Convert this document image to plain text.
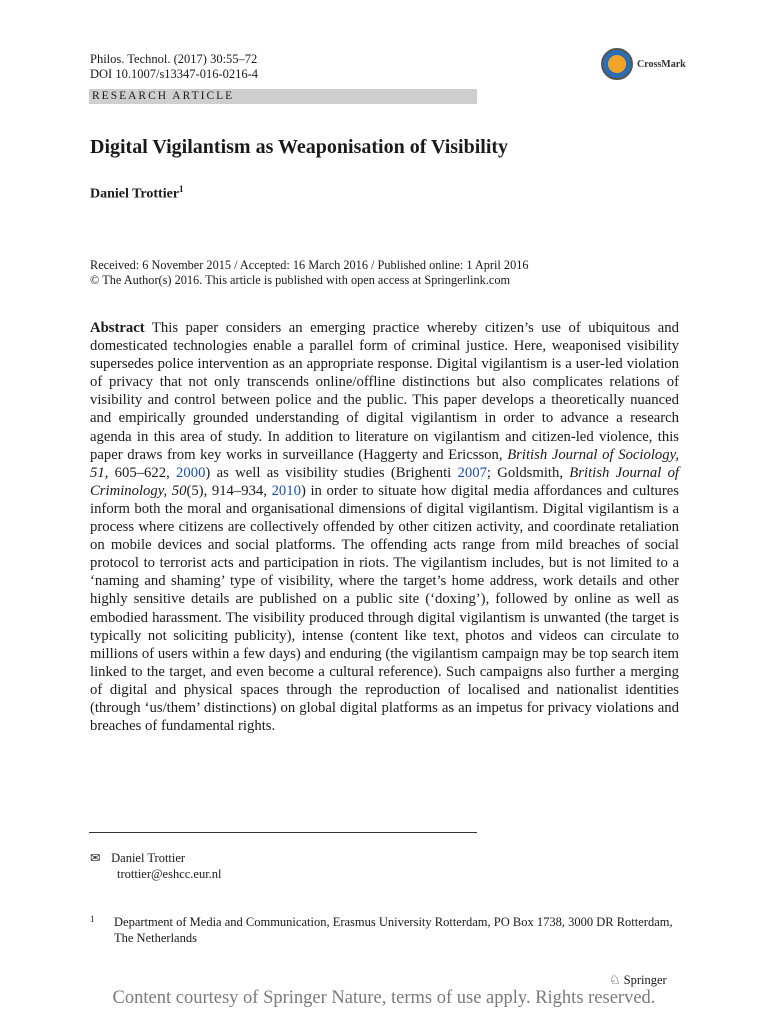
Philos. Technol. (2017) 30:55–72
DOI 10.1007/s13347-016-0216-4
CrossMark
RESEARCH ARTICLE
Digital Vigilantism as Weaponisation of Visibility
Daniel Trottier$^1$
Received: 6 November 2015 / Accepted: 16 March 2016 / Published online: 1 April 2016
© The Author(s) 2016. This article is published with open access at Springerlink.com

Abstract This paper considers an emerging practice whereby citizen’s use of ubiquitous and domesticated technologies enable a parallel form of criminal justice. Here, weaponised visibility supersedes police intervention as an appropriate response. Digital vigilantism is a user-led violation of privacy that not only transcends online/offline distinctions but also complicates relations of visibility and control between police and the public. This paper develops a theoretically nuanced and empirically grounded understanding of digital vigilantism in order to advance a research agenda in this area of study. In addition to literature on vigilantism and citizen-led violence, this paper draws from key works in surveillance (Haggerty and Ericsson, British Journal of Sociology, 51, 605–622, 2000) as well as visibility studies (Brighenti 2007; Goldsmith, British Journal of Criminology, 50(5), 914–934, 2010) in order to situate how digital media affordances and cultures inform both the moral and organisational dimensions of digital vigilantism. Digital vigilantism is a process where citizens are collectively offended by other citizen activity, and coordinate retaliation on mobile devices and social platforms. The offending acts range from mild breaches of social protocol to terrorist acts and participation in riots. The vigilantism includes, but is not limited to a ‘naming and shaming’ type of visibility, where the target’s home address, work details and other highly sensitive details are published on a public site (‘doxing’), followed by online as well as embodied harassment. The visibility produced through digital vigilantism is unwanted (the target is typically not soliciting publicity), intense (content like text, photos and videos can circulate to millions of users within a few days) and enduring (the vigilantism campaign may be top search item linked to the target, and even become a cultural reference). Such campaigns also further a merging of digital and physical spaces through the reproduction of localised and nationalist identities (through ‘us/them’ distinctions) on global digital platforms as an impetus for privacy violations and breaches of fundamental rights.

✉ Daniel Trottier
trottier@eshcc.eur.nl
1 Department of Media and Communication, Erasmus University Rotterdam, PO Box 1738, 3000 DR Rotterdam, The Netherlands
♘ Springer
Content courtesy of Springer Nature, terms of use apply. Rights reserved.
